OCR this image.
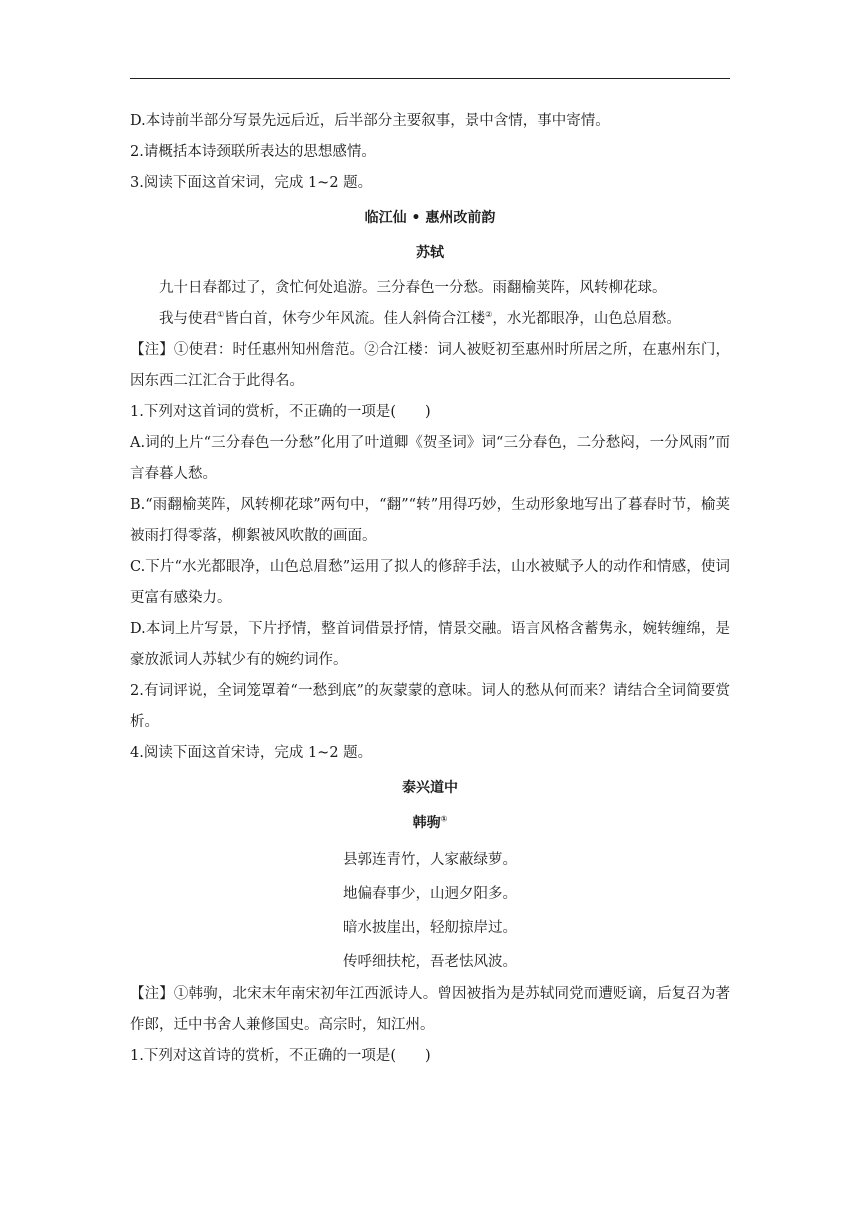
D.本诗前半部分写景先远后近，后半部分主要叙事，景中含情，事中寄情。

2.请概括本诗颈联所表达的思想感情。

3.阅读下面这首宋词，完成 1~2 题。

临江仙 • 惠州改前韵

苏轼

九十日春都过了，贪忙何处追游。三分春色一分愁。雨翻榆荚阵，风转柳花球。

我与使君①皆白首，休夸少年风流。佳人斜倚合江楼②，水光都眼净，山色总眉愁。

【注】①使君：时任惠州知州詹范。②合江楼：词人被贬初至惠州时所居之所，在惠州东门，因东西二江汇合于此得名。

1.下列对这首词的赏析，不正确的一项是(　　)

A.词的上片“三分春色一分愁”化用了叶道卿《贺圣词》词“三分春色，二分愁闷，一分风雨”而言春暮人愁。

B.“雨翻榆荚阵，风转柳花球”两句中，“翻”“转”用得巧妙，生动形象地写出了暮春时节，榆荚被雨打得零落，柳絮被风吹散的画面。

C.下片“水光都眼净，山色总眉愁”运用了拟人的修辞手法，山水被赋予人的动作和情感，使词更富有感染力。

D.本词上片写景，下片抒情，整首词借景抒情，情景交融。语言风格含蓄隽永，婉转缠绵，是豪放派词人苏轼少有的婉约词作。

2.有词评说，全词笼罩着“一愁到底”的灰蒙蒙的意味。词人的愁从何而来？请结合全词简要赏析。

4.阅读下面这首宋诗，完成 1~2 题。

泰兴道中

韩驹①

县郭连青竹，人家蔽绿萝。

地偏春事少，山迥夕阳多。

暗水披崖出，轻舠掠岸过。

传呼细扶柁，吾老怯风波。

【注】①韩驹，北宋末年南宋初年江西派诗人。曾因被指为是苏轼同党而遭贬谪，后复召为著作郎，迁中书舍人兼修国史。高宗时，知江州。

1.下列对这首诗的赏析，不正确的一项是(　　)
